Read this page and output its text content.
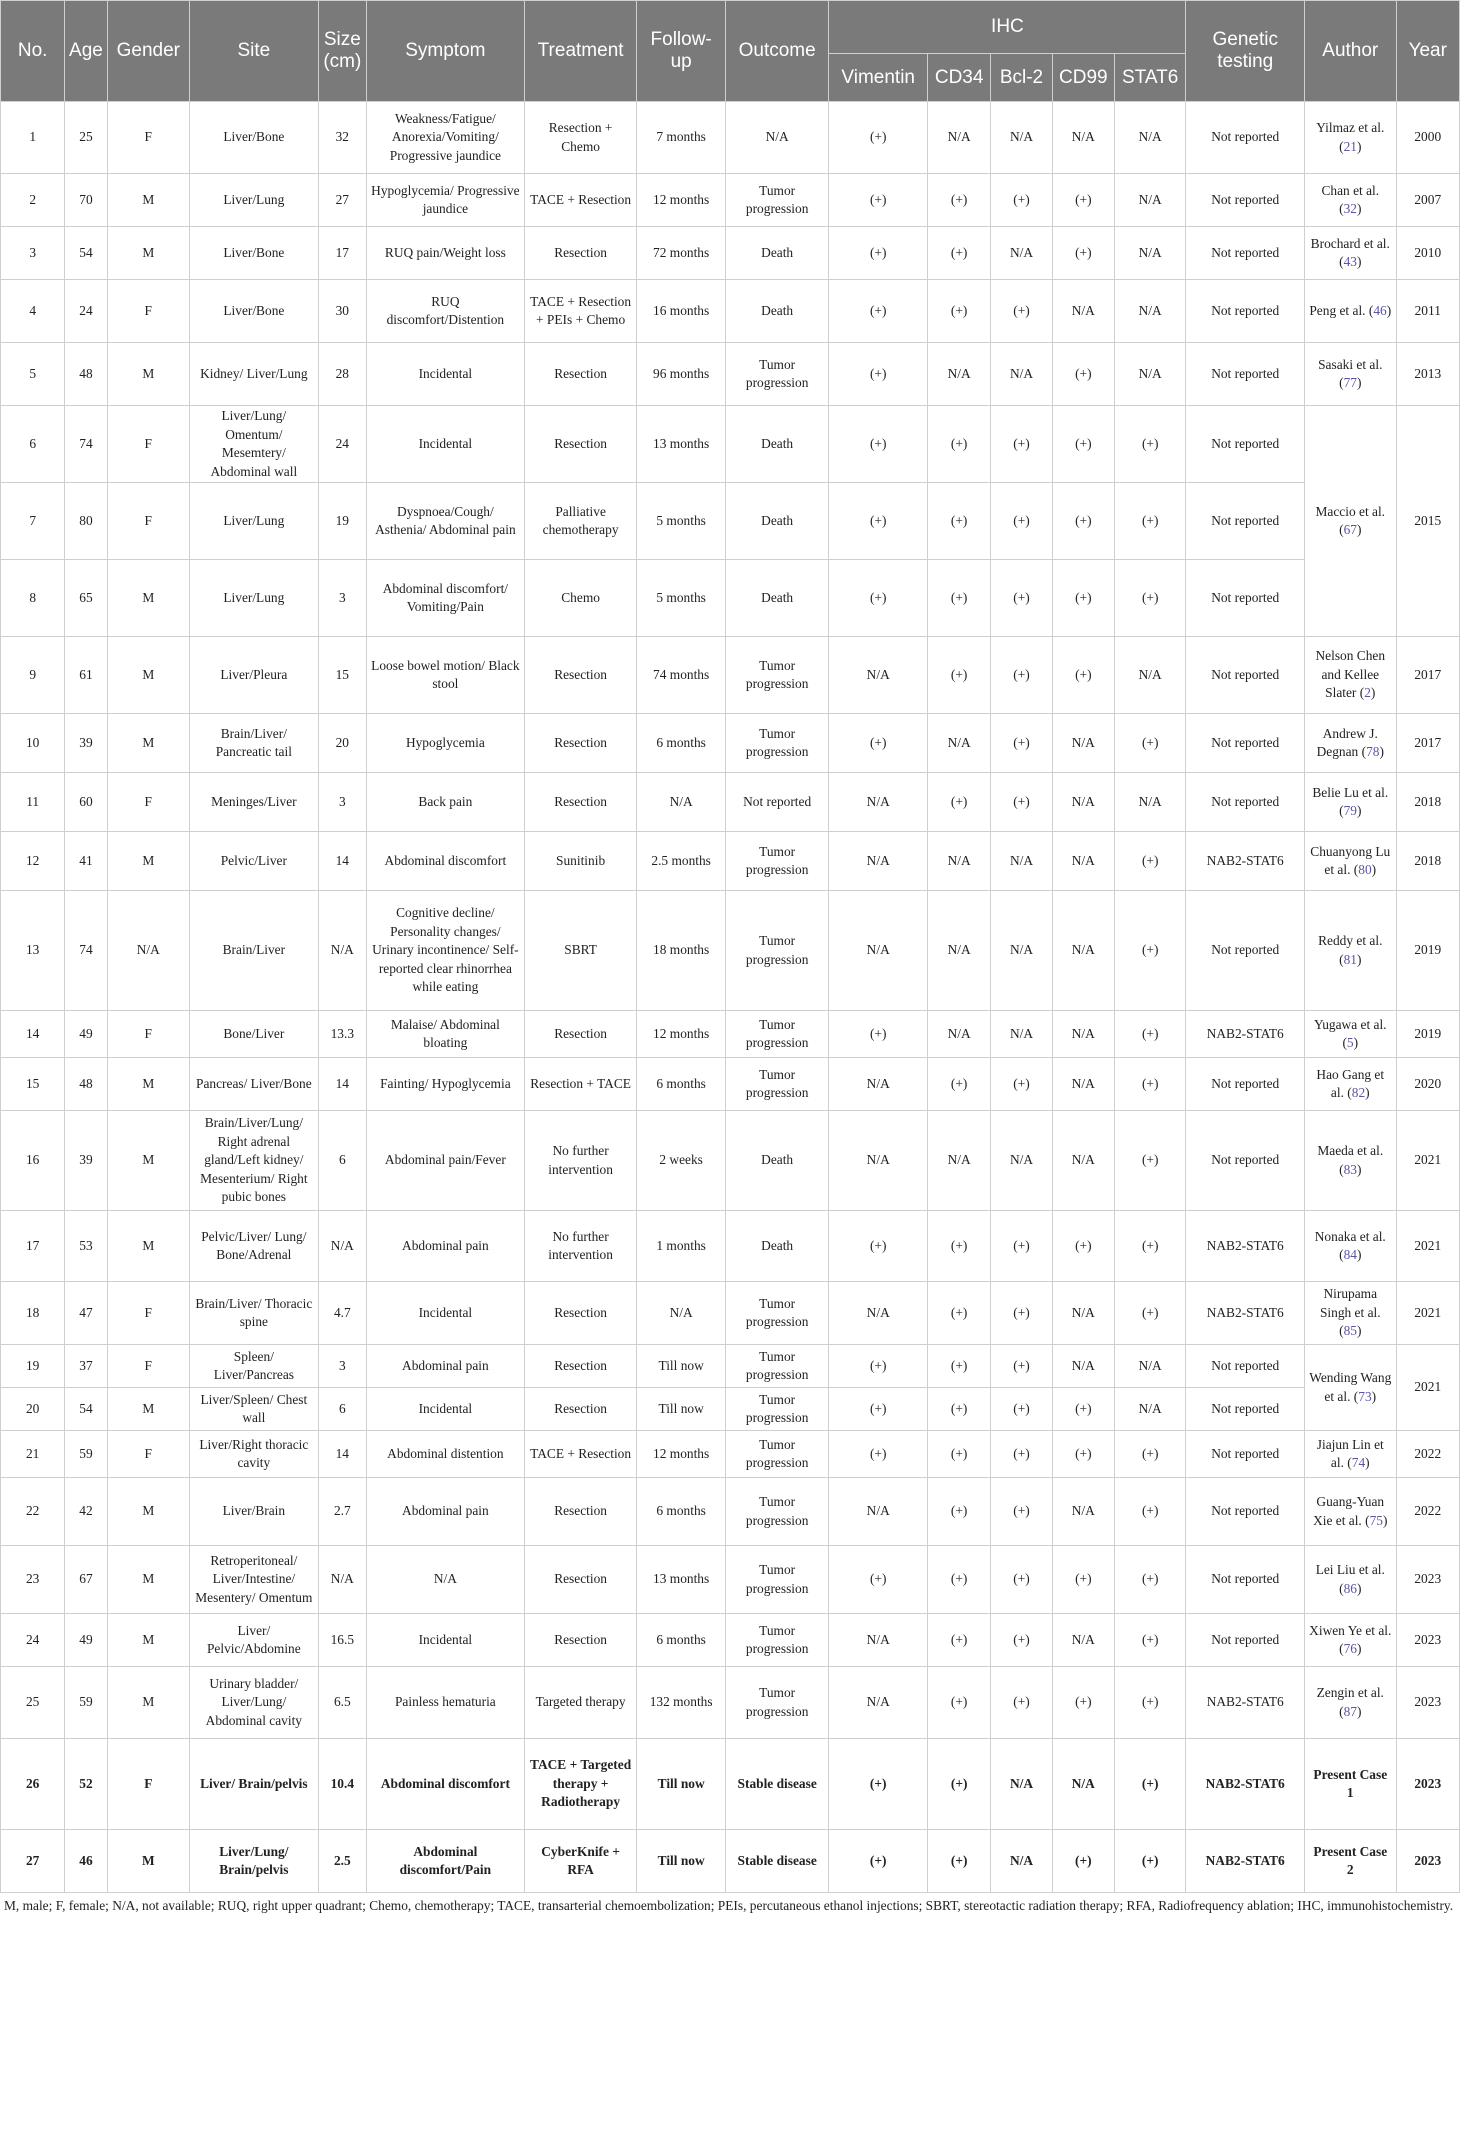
No.	Age	Gender	Site	Size (cm)	Symptom	Treatment	Follow-up	Outcome	IHC					Genetic testing	Author	Year
									Vimentin	CD34	Bcl-2	CD99	STAT6			
1	25	F	Liver/Bone	32	Weakness/Fatigue/ Anorexia/Vomiting/ Progressive jaundice	Resection + Chemo	7 months	N/A	(+)	N/A	N/A	N/A	N/A	Not reported	Yilmaz et al. (21)	2000
2	70	M	Liver/Lung	27	Hypoglycemia/ Progressive jaundice	TACE + Resection	12 months	Tumor progression	(+)	(+)	(+)	(+)	N/A	Not reported	Chan et al. (32)	2007
3	54	M	Liver/Bone	17	RUQ pain/Weight loss	Resection	72 months	Death	(+)	(+)	N/A	(+)	N/A	Not reported	Brochard et al. (43)	2010
4	24	F	Liver/Bone	30	RUQ discomfort/Distention	TACE + Resection + PEIs + Chemo	16 months	Death	(+)	(+)	(+)	N/A	N/A	Not reported	Peng et al. (46)	2011
5	48	M	Kidney/ Liver/Lung	28	Incidental	Resection	96 months	Tumor progression	(+)	N/A	N/A	(+)	N/A	Not reported	Sasaki et al. (77)	2013
6	74	F	Liver/Lung/ Omentum/ Mesemtery/ Abdominal wall	24	Incidental	Resection	13 months	Death	(+)	(+)	(+)	(+)	(+)	Not reported	Maccio et al. (67)	2015
7	80	F	Liver/Lung	19	Dyspnoea/Cough/ Asthenia/ Abdominal pain	Palliative chemotherapy	5 months	Death	(+)	(+)	(+)	(+)	(+)	Not reported		
8	65	M	Liver/Lung	3	Abdominal discomfort/ Vomiting/Pain	Chemo	5 months	Death	(+)	(+)	(+)	(+)	(+)	Not reported		
9	61	M	Liver/Pleura	15	Loose bowel motion/ Black stool	Resection	74 months	Tumor progression	N/A	(+)	(+)	(+)	N/A	Not reported	Nelson Chen and Kellee Slater (2)	2017
10	39	M	Brain/Liver/ Pancreatic tail	20	Hypoglycemia	Resection	6 months	Tumor progression	(+)	N/A	(+)	N/A	(+)	Not reported	Andrew J. Degnan (78)	2017
11	60	F	Meninges/Liver	3	Back pain	Resection	N/A	Not reported	N/A	(+)	(+)	N/A	N/A	Not reported	Belie Lu et al. (79)	2018
12	41	M	Pelvic/Liver	14	Abdominal discomfort	Sunitinib	2.5 months	Tumor progression	N/A	N/A	N/A	N/A	(+)	NAB2-STAT6	Chuanyong Lu et al. (80)	2018
13	74	N/A	Brain/Liver	N/A	Cognitive decline/ Personality changes/ Urinary incontinence/ Self- reported clear rhinorrhea while eating	SBRT	18 months	Tumor progression	N/A	N/A	N/A	N/A	(+)	Not reported	Reddy et al. (81)	2019
14	49	F	Bone/Liver	13.3	Malaise/ Abdominal bloating	Resection	12 months	Tumor progression	(+)	N/A	N/A	N/A	(+)	NAB2-STAT6	Yugawa et al. (5)	2019
15	48	M	Pancreas/ Liver/Bone	14	Fainting/ Hypoglycemia	Resection + TACE	6 months	Tumor progression	N/A	(+)	(+)	N/A	(+)	Not reported	Hao Gang et al. (82)	2020
16	39	M	Brain/Liver/Lung/ Right adrenal gland/Left kidney/ Mesenterium/ Right pubic bones	6	Abdominal pain/Fever	No further intervention	2 weeks	Death	N/A	N/A	N/A	N/A	(+)	Not reported	Maeda et al. (83)	2021
17	53	M	Pelvic/Liver/ Lung/ Bone/Adrenal	N/A	Abdominal pain	No further intervention	1 months	Death	(+)	(+)	(+)	(+)	(+)	NAB2-STAT6	Nonaka et al. (84)	2021
18	47	F	Brain/Liver/ Thoracic spine	4.7	Incidental	Resection	N/A	Tumor progression	N/A	(+)	(+)	N/A	(+)	NAB2-STAT6	Nirupama Singh et al. (85)	2021
19	37	F	Spleen/ Liver/Pancreas	3	Abdominal pain	Resection	Till now	Tumor progression	(+)	(+)	(+)	N/A	N/A	Not reported	Wending Wang et al. (73)	2021
20	54	M	Liver/Spleen/ Chest wall	6	Incidental	Resection	Till now	Tumor progression	(+)	(+)	(+)	(+)	N/A	Not reported		
21	59	F	Liver/Right thoracic cavity	14	Abdominal distention	TACE + Resection	12 months	Tumor progression	(+)	(+)	(+)	(+)	(+)	Not reported	Jiajun Lin et al. (74)	2022
22	42	M	Liver/Brain	2.7	Abdominal pain	Resection	6 months	Tumor progression	N/A	(+)	(+)	N/A	(+)	Not reported	Guang-Yuan Xie et al. (75)	2022
23	67	M	Retroperitoneal/ Liver/Intestine/ Mesentery/ Omentum	N/A	N/A	Resection	13 months	Tumor progression	(+)	(+)	(+)	(+)	(+)	Not reported	Lei Liu et al. (86)	2023
24	49	M	Liver/ Pelvic/Abdomine	16.5	Incidental	Resection	6 months	Tumor progression	N/A	(+)	(+)	N/A	(+)	Not reported	Xiwen Ye et al. (76)	2023
25	59	M	Urinary bladder/ Liver/Lung/ Abdominal cavity	6.5	Painless hematuria	Targeted therapy	132 months	Tumor progression	N/A	(+)	(+)	(+)	(+)	NAB2-STAT6	Zengin et al. (87)	2023
26	52	F	Liver/ Brain/pelvis	10.4	Abdominal discomfort	TACE + Targeted therapy + Radiotherapy	Till now	Stable disease	(+)	(+)	N/A	N/A	(+)	NAB2-STAT6	Present Case 1	2023
27	46	M	Liver/Lung/ Brain/pelvis	2.5	Abdominal discomfort/Pain	CyberKnife + RFA	Till now	Stable disease	(+)	(+)	N/A	(+)	(+)	NAB2-STAT6	Present Case 2	2023
M, male; F, female; N/A, not available; RUQ, right upper quadrant; Chemo, chemotherapy; TACE, transarterial chemoembolization; PEIs, percutaneous ethanol injections; SBRT, stereotactic radiation therapy; RFA, Radiofrequency ablation; IHC, immunohistochemistry.
